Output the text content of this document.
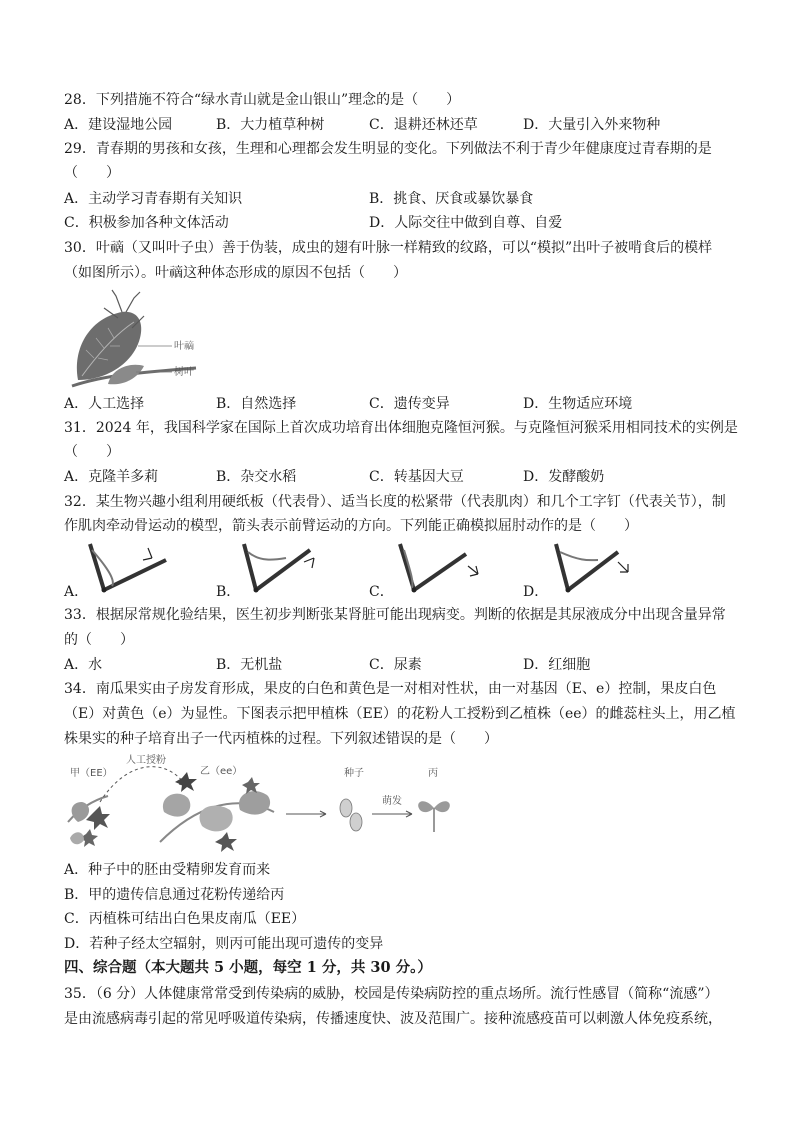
28．下列措施不符合“绿水青山就是金山银山”理念的是（　　）
A．建设湿地公园	B．大力植草种树	C．退耕还林还草	D．大量引入外来物种
29．青春期的男孩和女孩，生理和心理都会发生明显的变化。下列做法不利于青少年健康度过青春期的是
（　　）
A．主动学习青春期有关知识	B．挑食、厌食或暴饮暴食
C．积极参加各种文体活动	D．人际交往中做到自尊、自爱
30．叶𥛚（又叫叶子虫）善于伪装，成虫的翅有叶脉一样精致的纹路，可以“模拟”出叶子被啃食后的模样
（如图所示）。叶𥛚这种体态形成的原因不包括（　　）
叶𥛚
树叶
A．人工选择	B．自然选择	C．遗传变异	D．生物适应环境
31．2024 年，我国科学家在国际上首次成功培育出体细胞克隆恒河猴。与克隆恒河猴采用相同技术的实例是
（　　）
A．克隆羊多莉	B．杂交水稻	C．转基因大豆	D．发酵酸奶
32．某生物兴趣小组利用硬纸板（代表骨）、适当长度的松紧带（代表肌肉）和几个工字钉（代表关节），制
作肌肉牵动骨运动的模型，箭头表示前臂运动的方向。下列能正确模拟屈肘动作的是（　　）
A．	B．	C．	D．
33．根据尿常规化验结果，医生初步判断张某肾脏可能出现病变。判断的依据是其尿液成分中出现含量异常
的（　　）
A．水	B．无机盐	C．尿素	D．红细胞
34．南瓜果实由子房发育形成，果皮的白色和黄色是一对相对性状，由一对基因（E、e）控制，果皮白色
（E）对黄色（e）为显性。下图表示把甲植株（EE）的花粉人工授粉到乙植株（ee）的雌蕊柱头上，用乙植
株果实的种子培育出子一代丙植株的过程。下列叙述错误的是（　　）
甲（EE）
人工授粉
乙（ee）	种子
萌发
丙
A．种子中的胚由受精卵发育而来
B．甲的遗传信息通过花粉传递给丙
C．丙植株可结出白色果皮南瓜（EE）
D．若种子经太空辐射，则丙可能出现可遗传的变异
四、综合题（本大题共 5 小题，每空 1 分，共 30 分。）
35．（6 分）人体健康常常受到传染病的威胁，校园是传染病防控的重点场所。流行性感冒（简称“流感”）
是由流感病毒引起的常见呼吸道传染病，传播速度快、波及范围广。接种流感疫苗可以刺激人体免疫系统，
